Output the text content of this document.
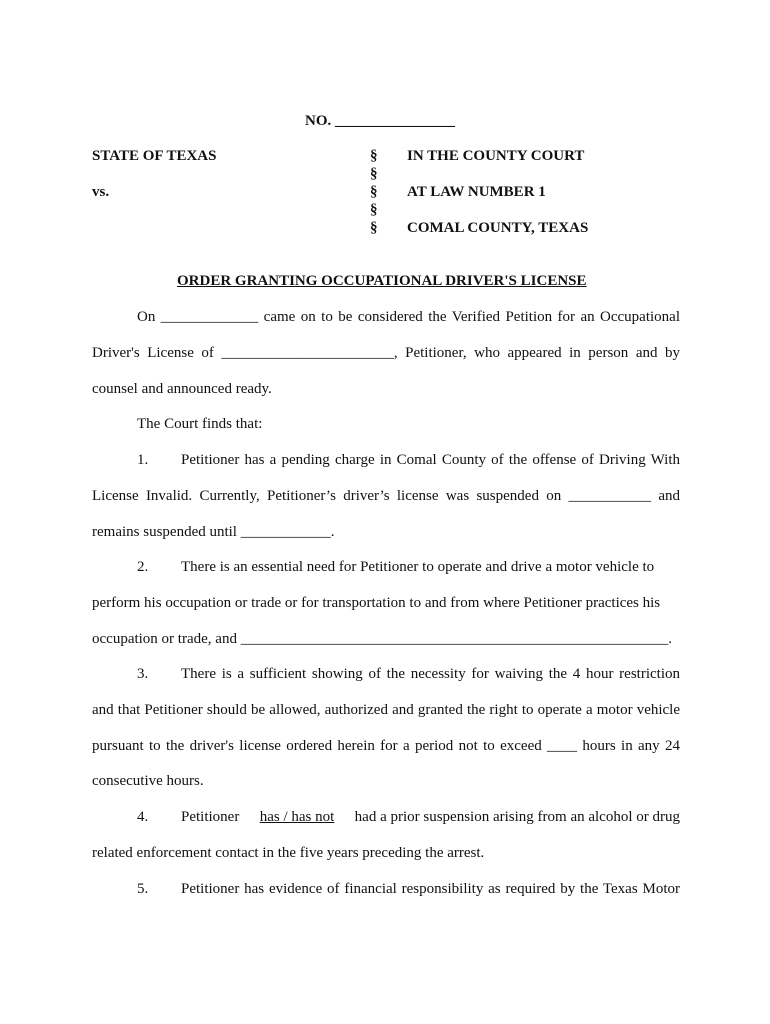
NO. ________________
STATE OF TEXAS
vs.
§
§
§
§
§
IN THE COUNTY COURT
AT LAW NUMBER 1
COMAL COUNTY, TEXAS
ORDER GRANTING OCCUPATIONAL DRIVER'S LICENSE
On _____________ came on to be considered the Verified Petition for an Occupational
Driver's License of _______________________, Petitioner, who appeared in person and by
counsel and announced ready.
The Court finds that:
1. Petitioner has a pending charge in Comal County of the offense of Driving With
License Invalid. Currently, Petitioner’s driver’s license was suspended on ___________ and
remains suspended until ____________.
2. There is an essential need for Petitioner to operate and drive a motor vehicle to
perform his occupation or trade or for transportation to and from where Petitioner practices his
occupation or trade, and _________________________________________________________.
3. There is a sufficient showing of the necessity for waiving the 4 hour restriction
and that Petitioner should be allowed, authorized and granted the right to operate a motor vehicle
pursuant to the driver's license ordered herein for a period not to exceed ____ hours in any 24
consecutive hours.
4. Petitioner has / has not had a prior suspension arising from an alcohol or drug
related enforcement contact in the five years preceding the arrest.
5. Petitioner has evidence of financial responsibility as required by the Texas Motor
